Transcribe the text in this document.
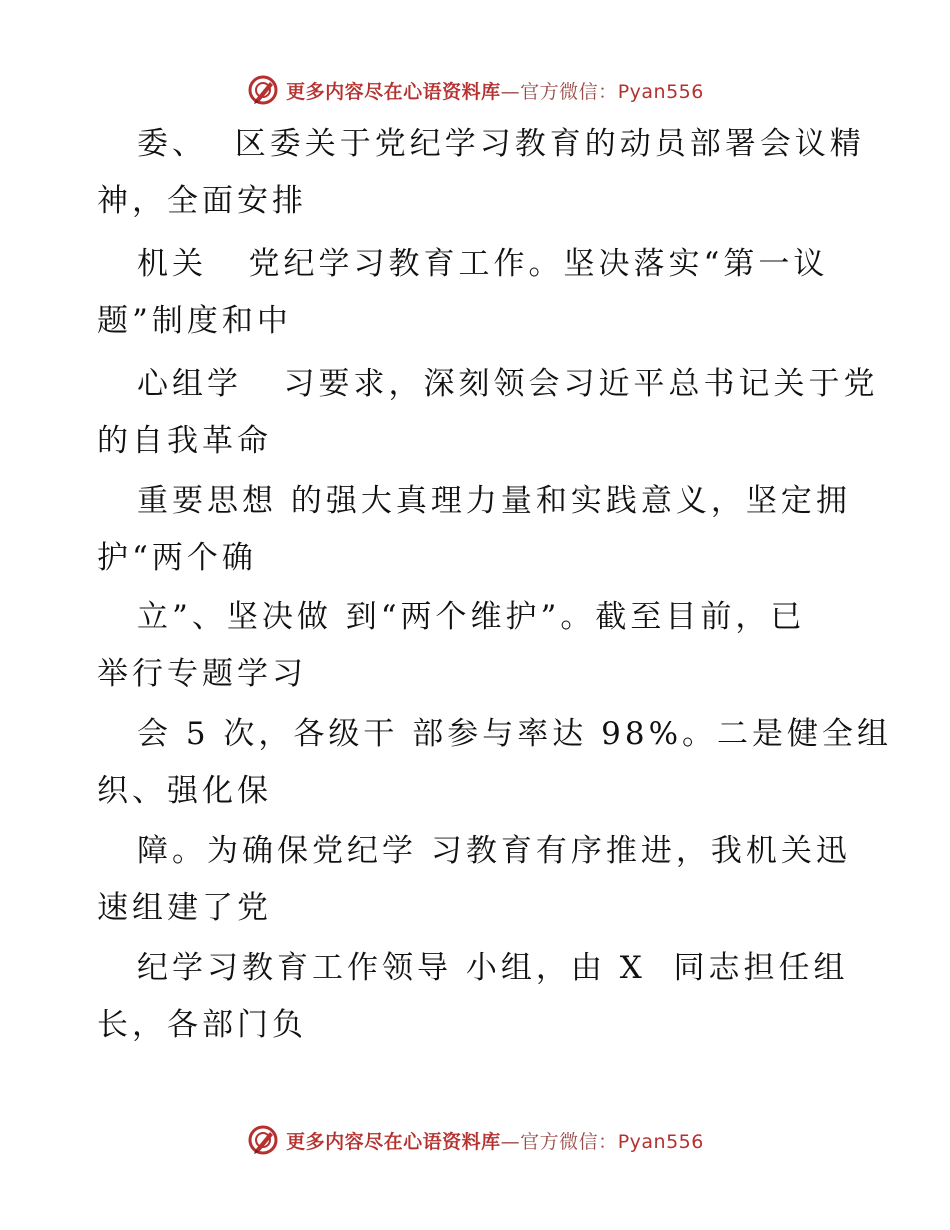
更多内容尽在心语资料库—官方微信：Pyan556
委、  区委关于党纪学习教育的动员部署会议精
神，全面安排
机关   党纪学习教育工作。坚决落实“第一议
题”制度和中
心组学   习要求，深刻领会习近平总书记关于党
的自我革命
重要思想 的强大真理力量和实践意义，坚定拥
护“两个确
立”、坚决做 到“两个维护”。截至目前，已
举行专题学习
会 5 次，各级干 部参与率达 98%。二是健全组
织、强化保
障。为确保党纪学 习教育有序推进，我机关迅
速组建了党
纪学习教育工作领导 小组，由 X  同志担任组
长，各部门负
更多内容尽在心语资料库—官方微信：Pyan556
